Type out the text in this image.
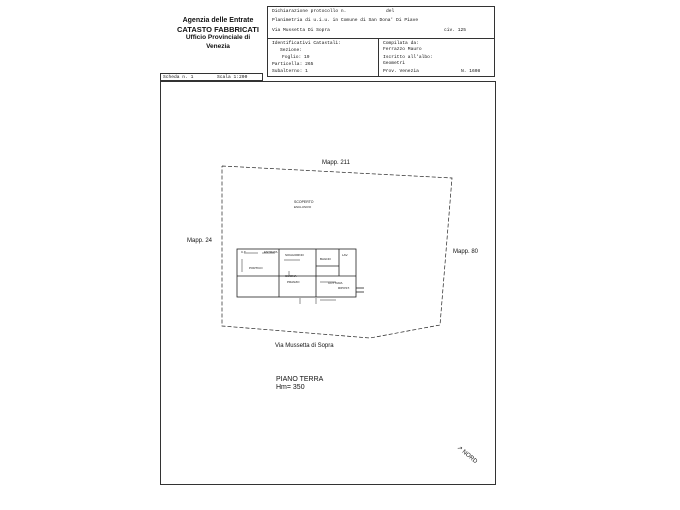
Agenzia delle Entrate
CATASTO FABBRICATI
Ufficio Provinciale di
Venezia
Dichiarazione protocollo n.	del
Planimetria di u.i.u. in Comune di San Dona' Di Piave
Via Mussetta Di Sopra	civ. 125
Identificativi Catastali:
Sezione:
Foglio: 19
Particella: 265
Subalterno: 1
Compilata da:
Ferrazzo Mauro
Iscritto all'albo:
Geometri
Prov. Venezia	N. 1608
Scheda n. 1	Scala 1:200
Mapp. 211
Mapp. 24
Mapp. 80
Via Mussetta di Sopra
SCOPERTO
ESCLUSIVO
C.T.	ENTRATA
PORTICO
SOGGIORNO
BAGNO
LAV.
CUCINA
PRANZO	COTTURA
RIPOST.
PIANO TERRA
Hm= 350
↗ NORD
